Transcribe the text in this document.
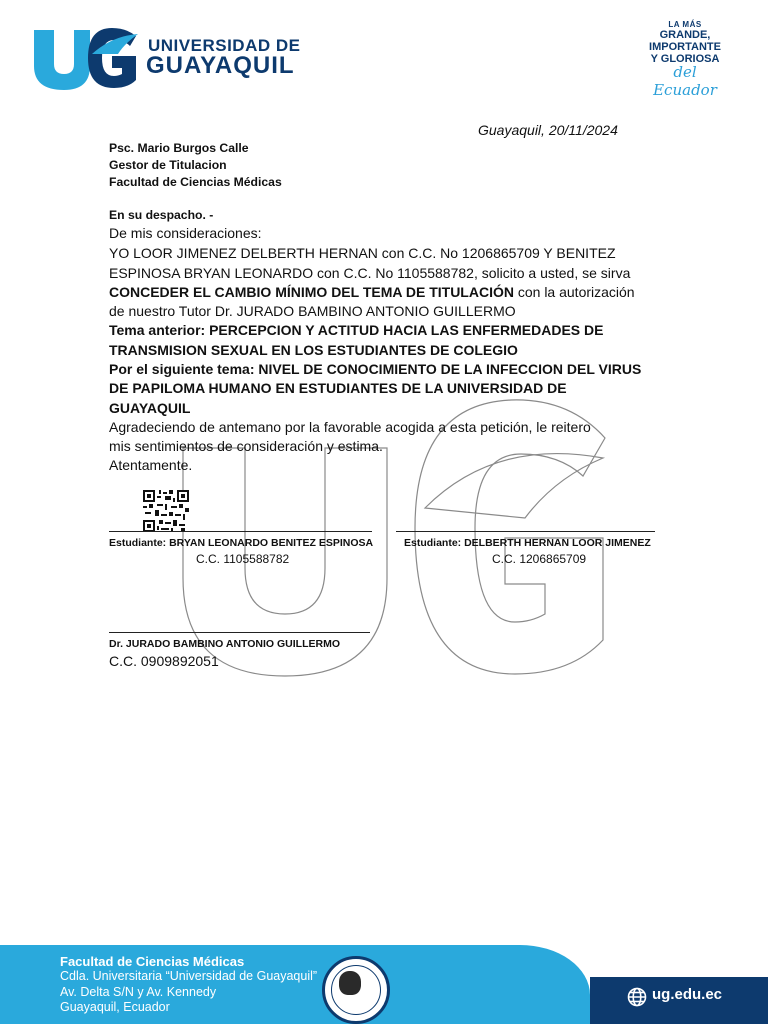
UNIVERSIDAD DE
GUAYAQUIL
LA MÁS
GRANDE,
IMPORTANTE
Y GLORIOSA
del Ecuador
Guayaquil, 20/11/2024
Psc. Mario Burgos Calle
Gestor de Titulacion
Facultad de Ciencias Médicas
En su despacho. -
De mis consideraciones:
YO LOOR JIMENEZ DELBERTH HERNAN con C.C. No 1206865709 Y BENITEZ
ESPINOSA BRYAN LEONARDO con C.C. No 1105588782, solicito a usted, se sirva
CONCEDER EL CAMBIO MÍNIMO DEL TEMA DE TITULACIÓN con la autorización
de nuestro Tutor Dr. JURADO BAMBINO ANTONIO GUILLERMO
Tema anterior: PERCEPCION Y ACTITUD HACIA LAS ENFERMEDADES DE
TRANSMISION SEXUAL EN LOS ESTUDIANTES DE COLEGIO
Por el siguiente tema: NIVEL DE CONOCIMIENTO DE LA INFECCION DEL VIRUS
DE PAPILOMA HUMANO EN ESTUDIANTES DE LA UNIVERSIDAD DE
GUAYAQUIL
Agradeciendo de antemano por la favorable acogida a esta petición, le reitero
mis sentimientos de consideración y estima.
Atentamente.
Estudiante: BRYAN LEONARDO BENITEZ ESPINOSA
C.C. 1105588782
Estudiante: DELBERTH HERNAN LOOR JIMENEZ
C.C. 1206865709
Dr. JURADO BAMBINO ANTONIO GUILLERMO
C.C. 0909892051
Facultad de Ciencias Médicas
Cdla. Universitaria “Universidad de Guayaquil”
Av. Delta S/N y Av. Kennedy
Guayaquil, Ecuador
ug.edu.ec
